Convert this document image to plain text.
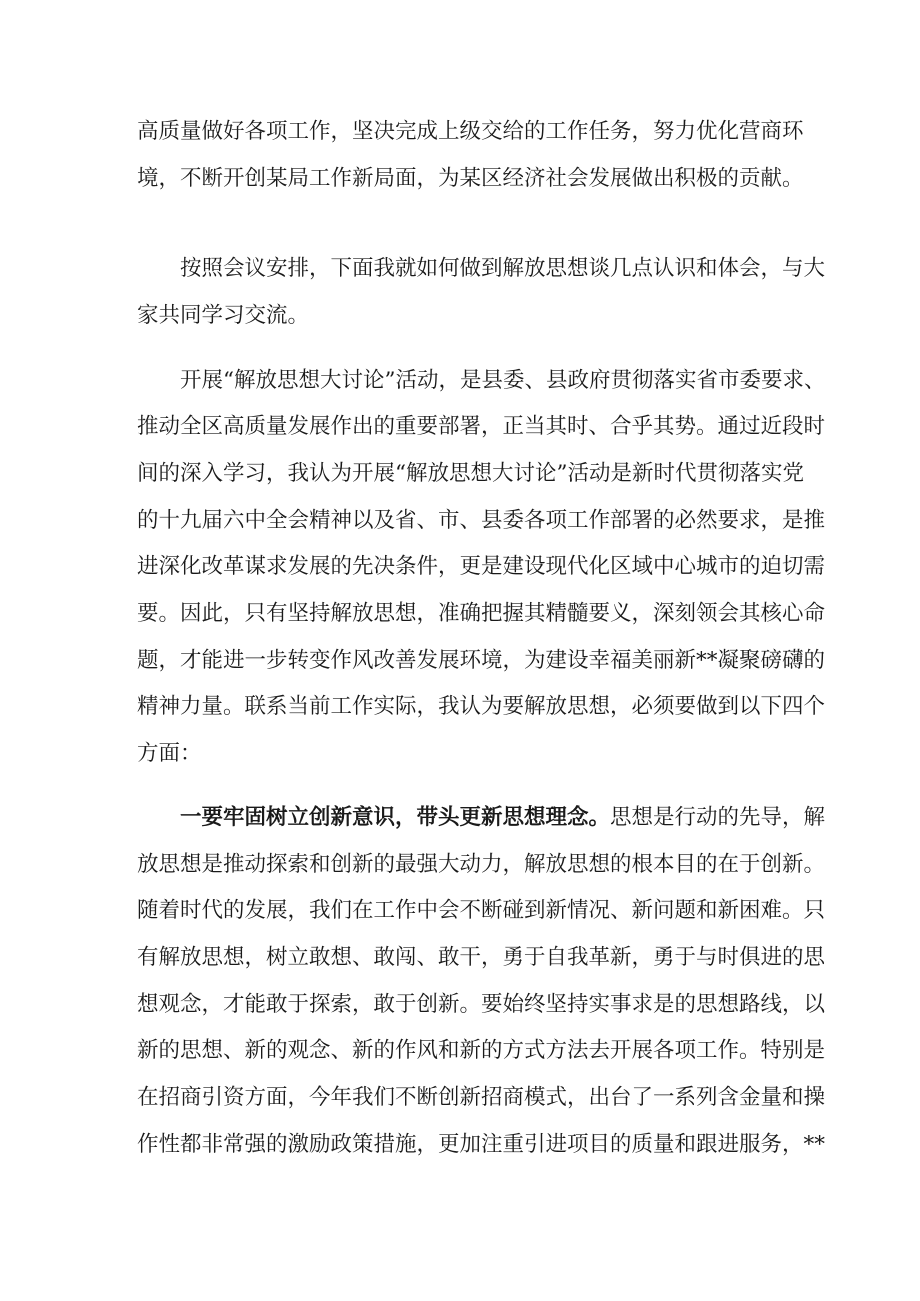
高质量做好各项工作，坚决完成上级交给的工作任务，努力优化营商环
境，不断开创某局工作新局面，为某区经济社会发展做出积极的贡献。
按照会议安排，下面我就如何做到解放思想谈几点认识和体会，与大
家共同学习交流。
开展“解放思想大讨论”活动，是县委、县政府贯彻落实省市委要求、
推动全区高质量发展作出的重要部署，正当其时、合乎其势。通过近段时
间的深入学习，我认为开展“解放思想大讨论”活动是新时代贯彻落实党
的十九届六中全会精神以及省、市、县委各项工作部署的必然要求，是推
进深化改革谋求发展的先决条件，更是建设现代化区域中心城市的迫切需
要。因此，只有坚持解放思想，准确把握其精髓要义，深刻领会其核心命
题，才能进一步转变作风改善发展环境，为建设幸福美丽新**凝聚磅礴的
精神力量。联系当前工作实际，我认为要解放思想，必须要做到以下四个
方面：
一要牢固树立创新意识，带头更新思想理念。思想是行动的先导，解
放思想是推动探索和创新的最强大动力，解放思想的根本目的在于创新。
随着时代的发展，我们在工作中会不断碰到新情况、新问题和新困难。只
有解放思想，树立敢想、敢闯、敢干，勇于自我革新，勇于与时俱进的思
想观念，才能敢于探索，敢于创新。要始终坚持实事求是的思想路线，以
新的思想、新的观念、新的作风和新的方式方法去开展各项工作。特别是
在招商引资方面，今年我们不断创新招商模式，出台了一系列含金量和操
作性都非常强的激励政策措施，更加注重引进项目的质量和跟进服务，**
